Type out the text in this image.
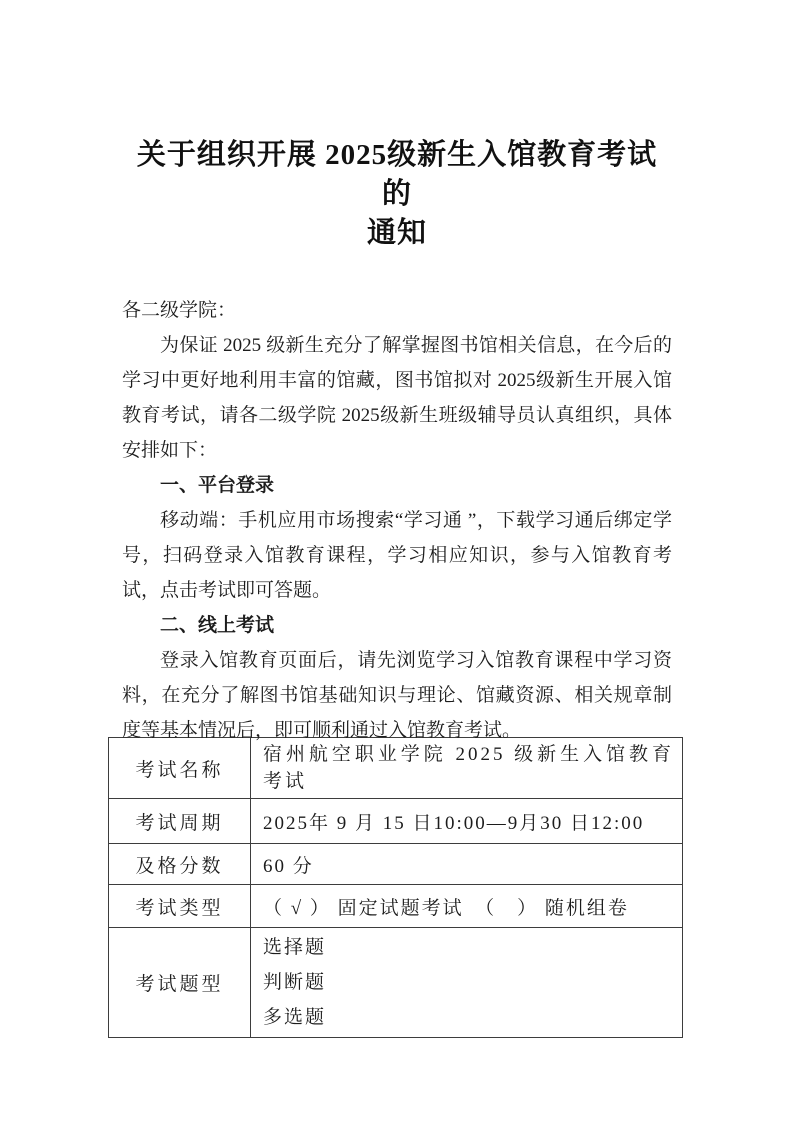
关于组织开展 2025级新生入馆教育考试的
通知

各二级学院：

为保证 2025 级新生充分了解掌握图书馆相关信息，在今后的学习中更好地利用丰富的馆藏，图书馆拟对 2025级新生开展入馆教育考试，请各二级学院 2025级新生班级辅导员认真组织，具体安排如下：

一、平台登录

移动端：手机应用市场搜索“学习通 ”，下载学习通后绑定学号，扫码登录入馆教育课程，学习相应知识，参与入馆教育考试，点击考试即可答题。

二、线上考试

登录入馆教育页面后，请先浏览学习入馆教育课程中学习资料，在充分了解图书馆基础知识与理论、馆藏资源、相关规章制度等基本情况后，即可顺利通过入馆教育考试。

考试名称	宿州航空职业学院 2025 级新生入馆教育考试
考试周期	2025年 9 月 15 日10:00—9月30 日12:00
及格分数	60 分
考试类型	（ √ ） 固定试题考试　（　） 随机组卷
考试题型	选择题
判断题
多选题
